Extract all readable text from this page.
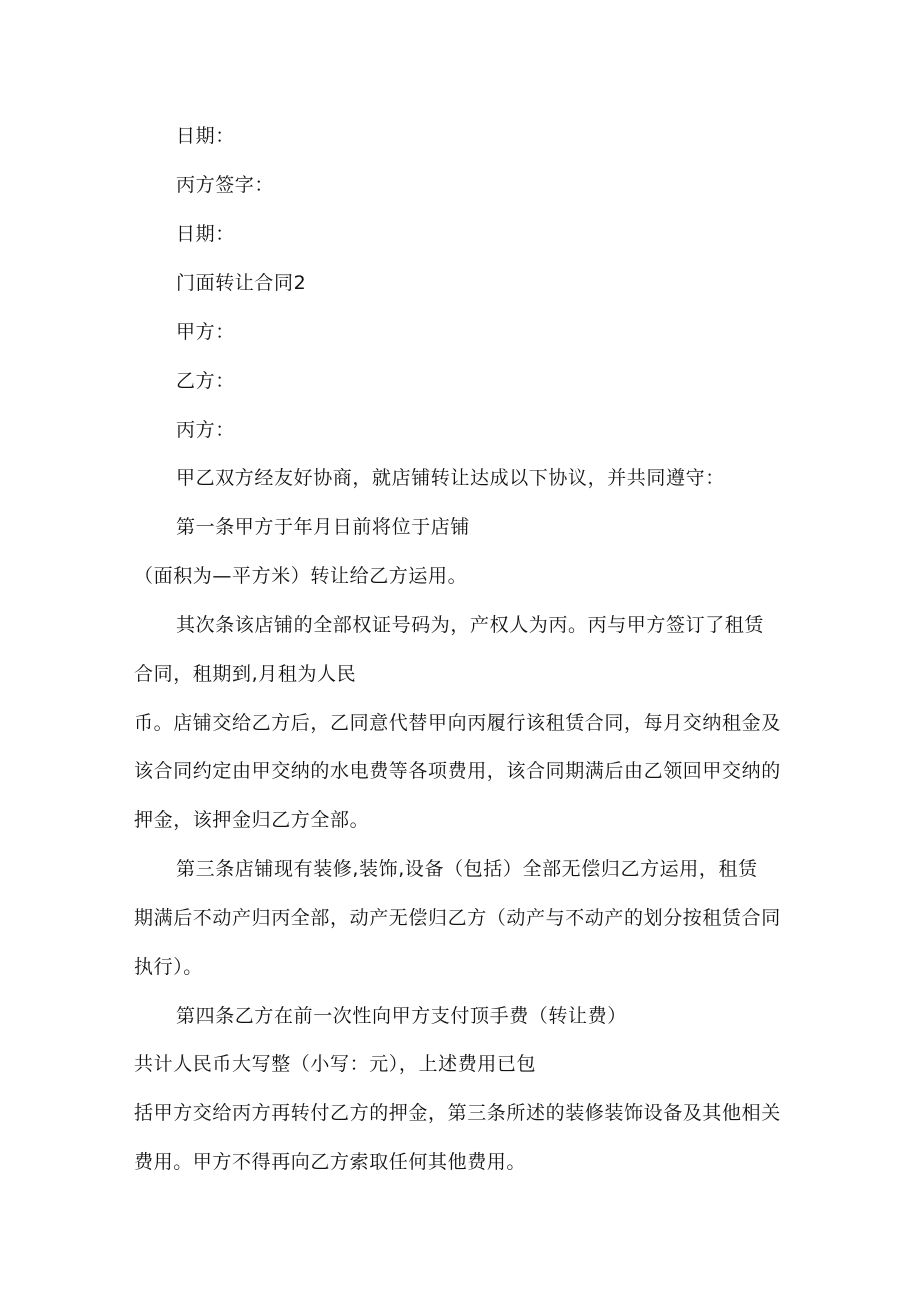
日期：
丙方签字：
日期：
门面转让合同2
甲方：
乙方：
丙方：
甲乙双方经友好协商，就店铺转让达成以下协议，并共同遵守：
第一条甲方于年月日前将位于店铺
（面积为—平方米）转让给乙方运用。
其次条该店铺的全部权证号码为，产权人为丙。丙与甲方签订了租赁
合同，租期到,月租为人民
币。店铺交给乙方后，乙同意代替甲向丙履行该租赁合同，每月交纳租金及
该合同约定由甲交纳的水电费等各项费用，该合同期满后由乙领回甲交纳的
押金，该押金归乙方全部。
第三条店铺现有装修,装饰,设备（包括）全部无偿归乙方运用，租赁
期满后不动产归丙全部，动产无偿归乙方（动产与不动产的划分按租赁合同
执行）。
第四条乙方在前一次性向甲方支付顶手费（转让费）
共计人民币大写整（小写：元），上述费用已包
括甲方交给丙方再转付乙方的押金，第三条所述的装修装饰设备及其他相关
费用。甲方不得再向乙方索取任何其他费用。
